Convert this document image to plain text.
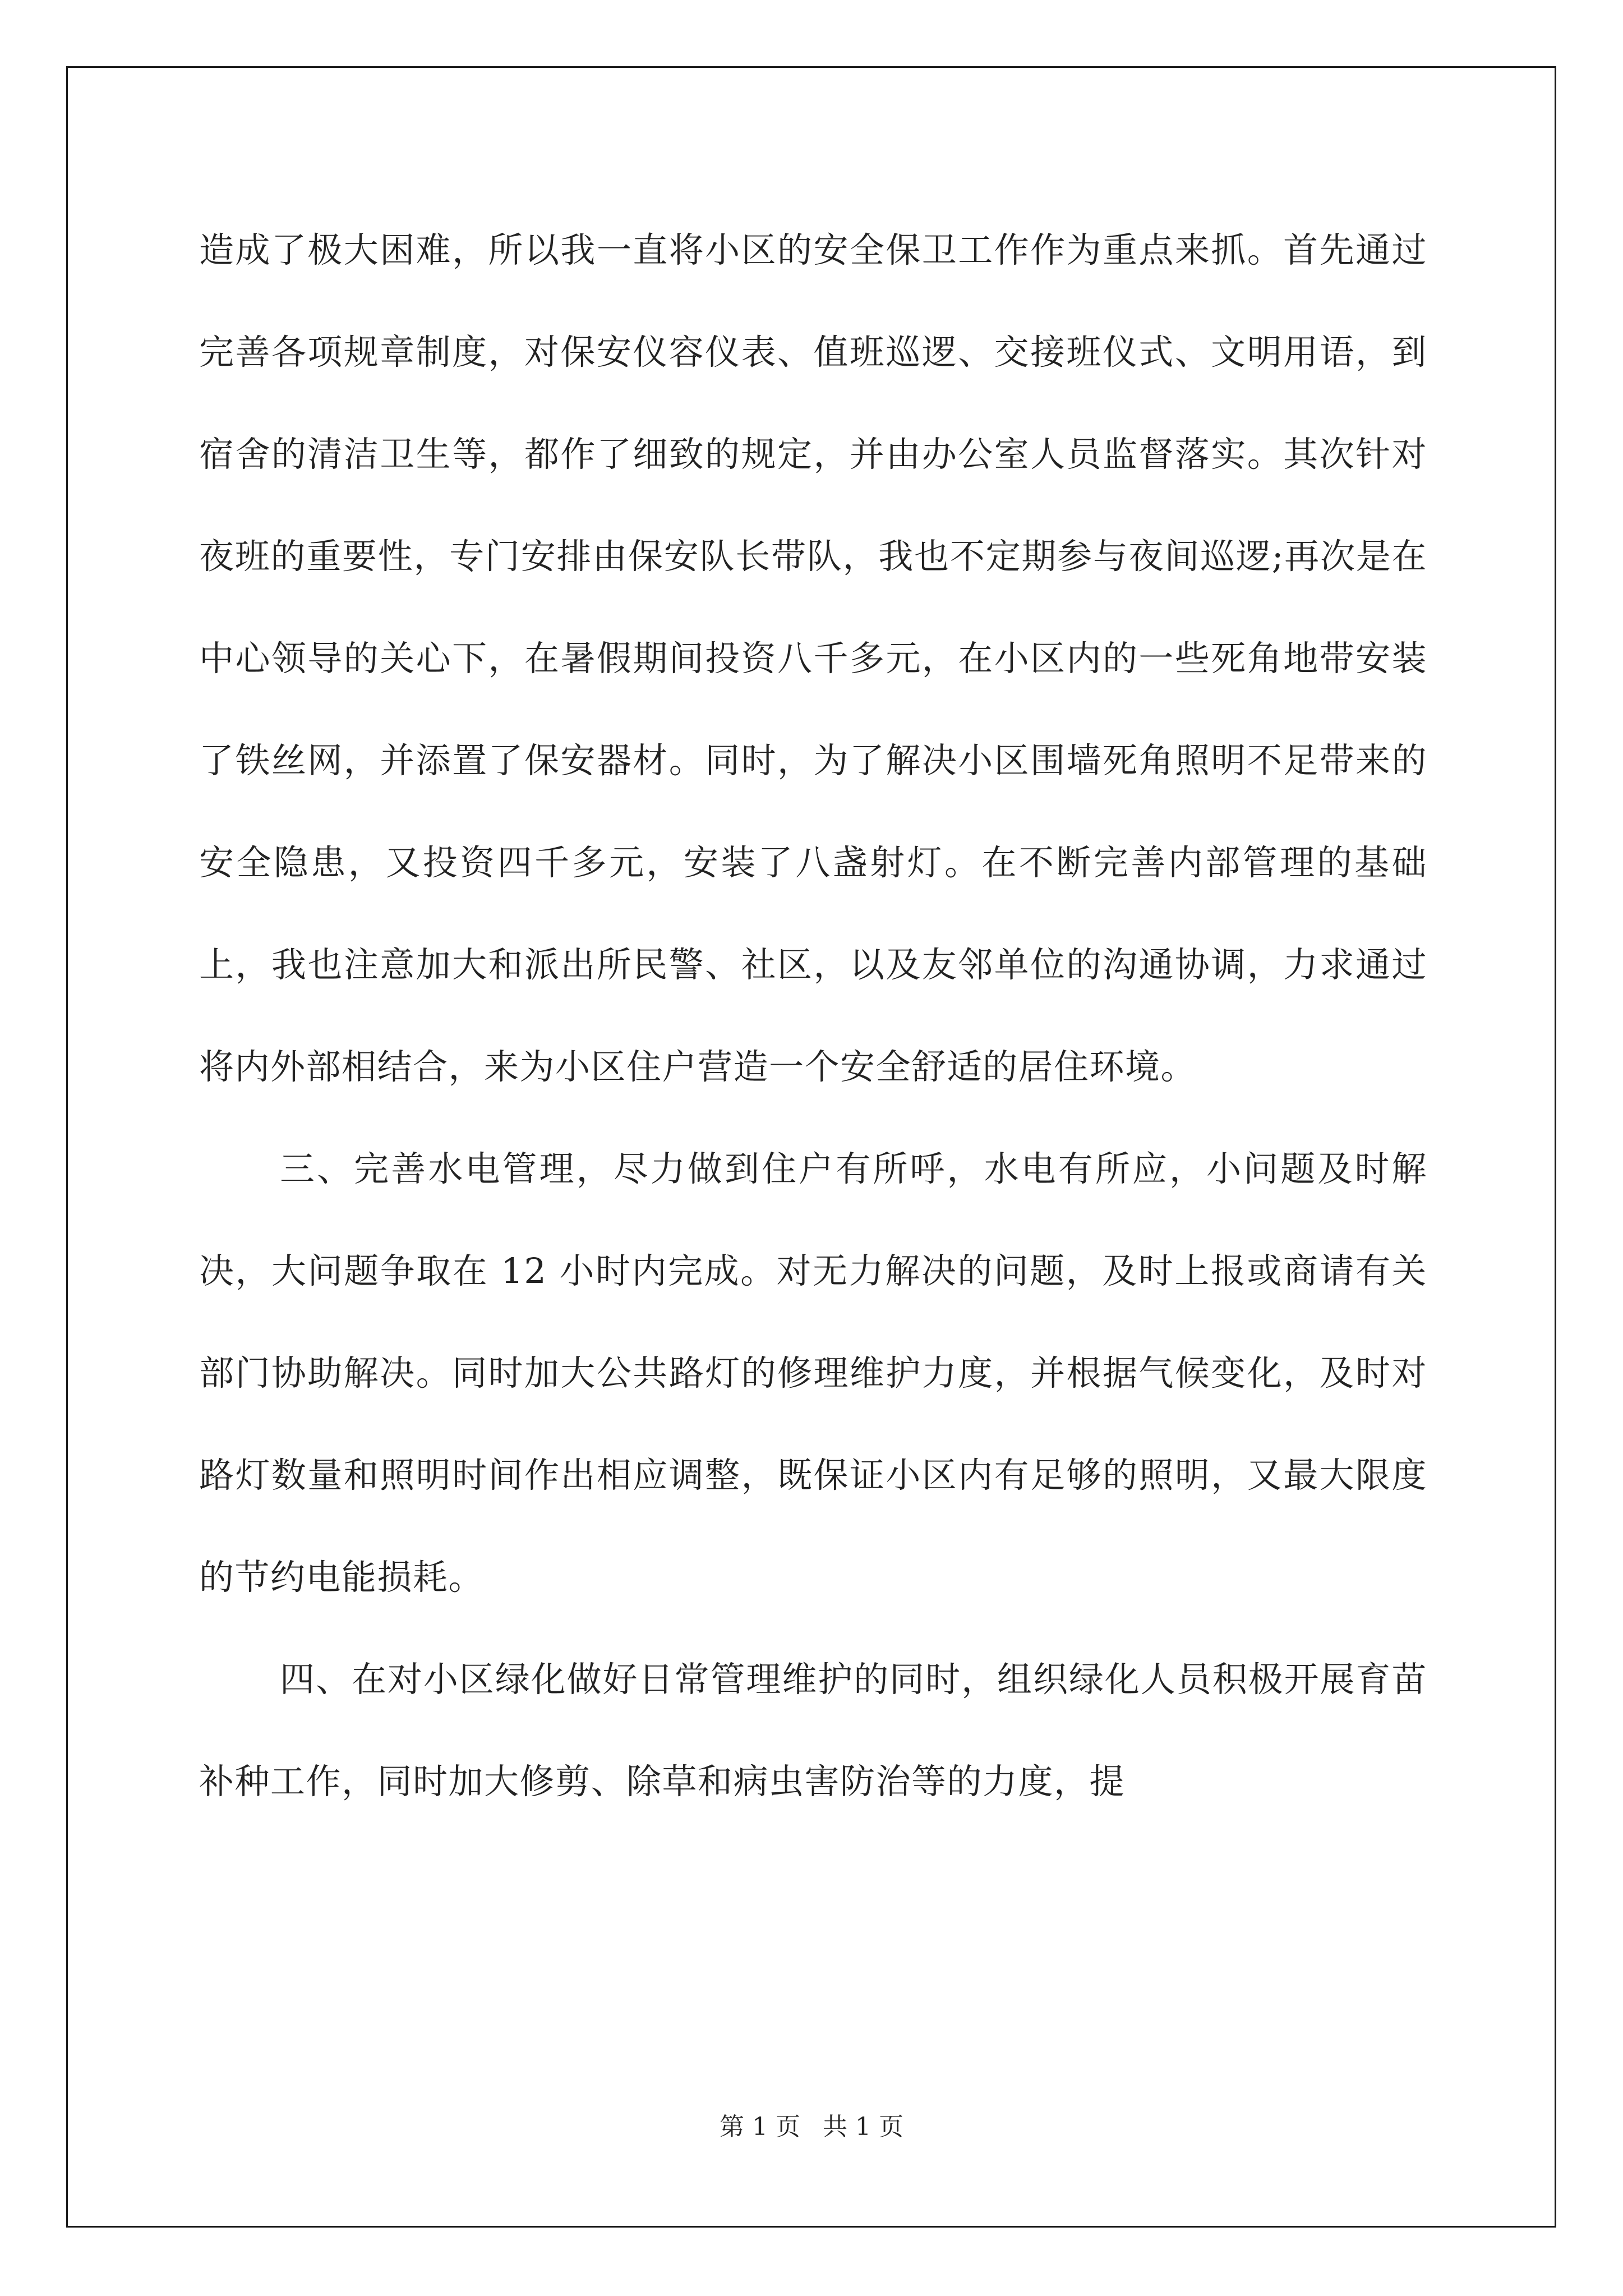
造成了极大困难，所以我一直将小区的安全保卫工作作为重点来抓。首先通过完善各项规章制度，对保安仪容仪表、值班巡逻、交接班仪式、文明用语，到宿舍的清洁卫生等，都作了细致的规定，并由办公室人员监督落实。其次针对夜班的重要性，专门安排由保安队长带队，我也不定期参与夜间巡逻;再次是在中心领导的关心下，在暑假期间投资八千多元，在小区内的一些死角地带安装了铁丝网，并添置了保安器材。同时，为了解决小区围墙死角照明不足带来的安全隐患，又投资四千多元，安装了八盏射灯。在不断完善内部管理的基础上，我也注意加大和派出所民警、社区，以及友邻单位的沟通协调，力求通过将内外部相结合，来为小区住户营造一个安全舒适的居住环境。

三、完善水电管理，尽力做到住户有所呼，水电有所应，小问题及时解决，大问题争取在 12 小时内完成。对无力解决的问题，及时上报或商请有关部门协助解决。同时加大公共路灯的修理维护力度，并根据气候变化，及时对路灯数量和照明时间作出相应调整，既保证小区内有足够的照明，又最大限度的节约电能损耗。

四、在对小区绿化做好日常管理维护的同时，组织绿化人员积极开展育苗补种工作，同时加大修剪、除草和病虫害防治等的力度，提

第 1 页 共 1 页
